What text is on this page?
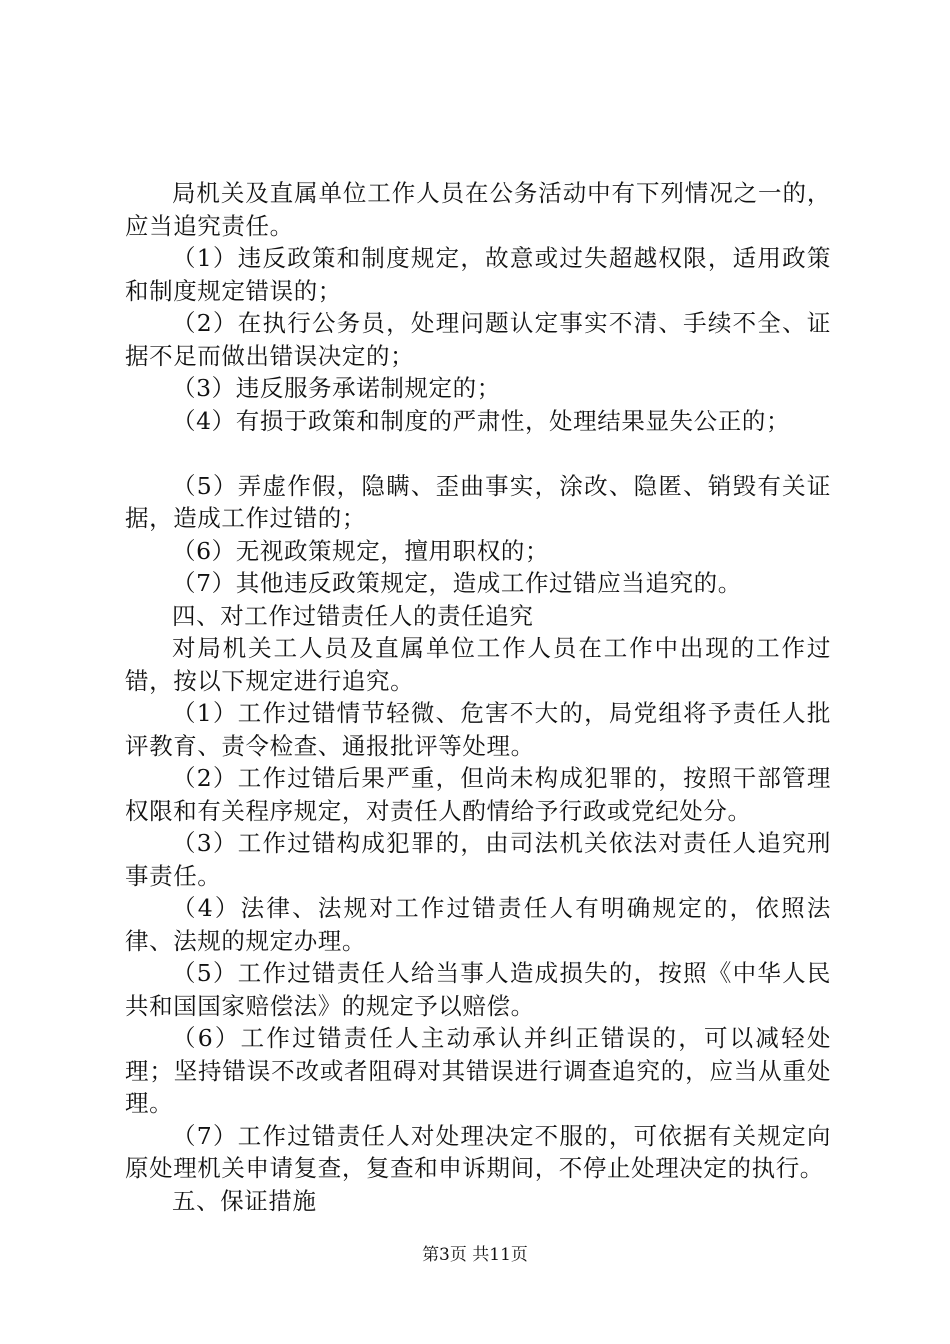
局机关及直属单位工作人员在公务活动中有下列情况之一的，应当追究责任。

（1）违反政策和制度规定，故意或过失超越权限，适用政策和制度规定错误的；

（2）在执行公务员，处理问题认定事实不清、手续不全、证据不足而做出错误决定的；

（3）违反服务承诺制规定的；

（4）有损于政策和制度的严肃性，处理结果显失公正的；

（5）弄虚作假，隐瞒、歪曲事实，涂改、隐匿、销毁有关证据，造成工作过错的；

（6）无视政策规定，擅用职权的；

（7）其他违反政策规定，造成工作过错应当追究的。

四、对工作过错责任人的责任追究

对局机关工人员及直属单位工作人员在工作中出现的工作过错，按以下规定进行追究。

（1）工作过错情节轻微、危害不大的，局党组将予责任人批评教育、责令检查、通报批评等处理。

（2）工作过错后果严重，但尚未构成犯罪的，按照干部管理权限和有关程序规定，对责任人酌情给予行政或党纪处分。

（3）工作过错构成犯罪的，由司法机关依法对责任人追究刑事责任。

（4）法律、法规对工作过错责任人有明确规定的，依照法律、法规的规定办理。

（5）工作过错责任人给当事人造成损失的，按照《中华人民共和国国家赔偿法》的规定予以赔偿。

（6）工作过错责任人主动承认并纠正错误的，可以减轻处理；坚持错误不改或者阻碍对其错误进行调查追究的，应当从重处理。

（7）工作过错责任人对处理决定不服的，可依据有关规定向原处理机关申请复查，复查和申诉期间，不停止处理决定的执行。

五、保证措施

第3页 共11页
